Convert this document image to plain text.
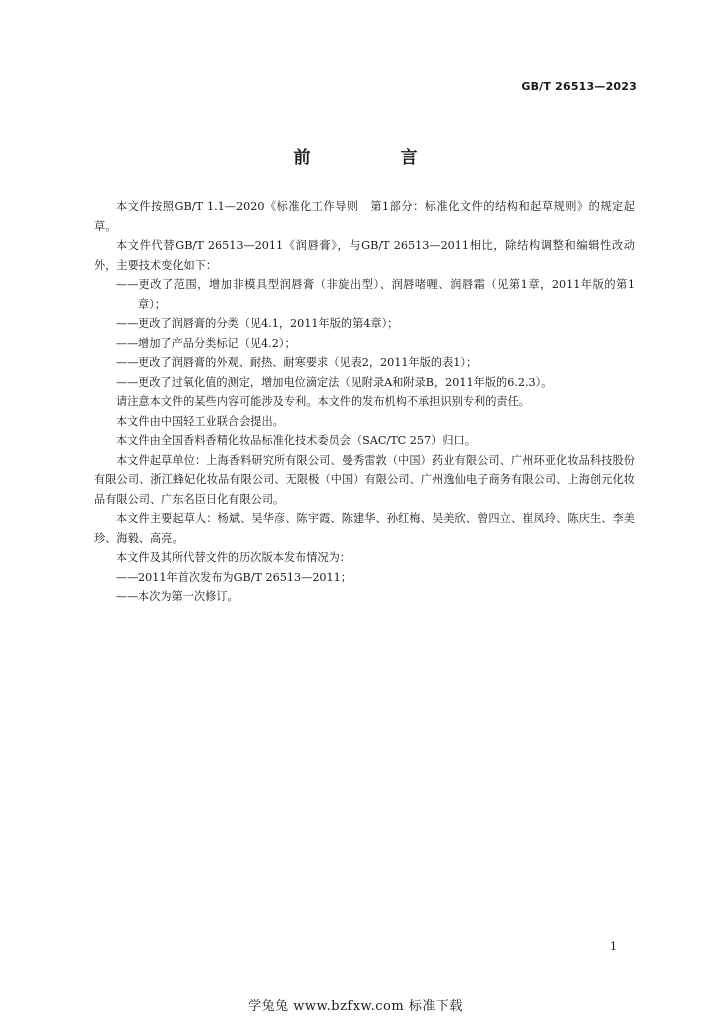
GB/T 26513—2023
前 言

本文件按照GB/T 1.1—2020《标准化工作导则　第1部分：标准化文件的结构和起草规则》的规定起草。

本文件代替GB/T 26513—2011《润唇膏》，与GB/T 26513—2011相比，除结构调整和编辑性改动外，主要技术变化如下：

——更改了范围，增加非模具型润唇膏（非旋出型）、润唇啫喱、润唇霜（见第1章，2011年版的第1章）；

——更改了润唇膏的分类（见4.1，2011年版的第4章）；

——增加了产品分类标记（见4.2）；

——更改了润唇膏的外观、耐热、耐寒要求（见表2，2011年版的表1）；

——更改了过氧化值的测定，增加电位滴定法（见附录A和附录B，2011年版的6.2.3）。

请注意本文件的某些内容可能涉及专利。本文件的发布机构不承担识别专利的责任。

本文件由中国轻工业联合会提出。

本文件由全国香料香精化妆品标准化技术委员会（SAC/TC 257）归口。

本文件起草单位：上海香料研究所有限公司、曼秀雷敦（中国）药业有限公司、广州环亚化妆品科技股份有限公司、浙江蜂妃化妆品有限公司、无限极（中国）有限公司、广州逸仙电子商务有限公司、上海创元化妆品有限公司、广东名臣日化有限公司。

本文件主要起草人：杨斌、吴华彦、陈宇霞、陈建华、孙红梅、吴美欣、曾四立、崔凤玲、陈庆生、李美珍、海毅、高亮。

本文件及其所代替文件的历次版本发布情况为：

——2011年首次发布为GB/T 26513—2011；

——本次为第一次修订。

1
学兔兔 www.bzfxw.com 标准下载
